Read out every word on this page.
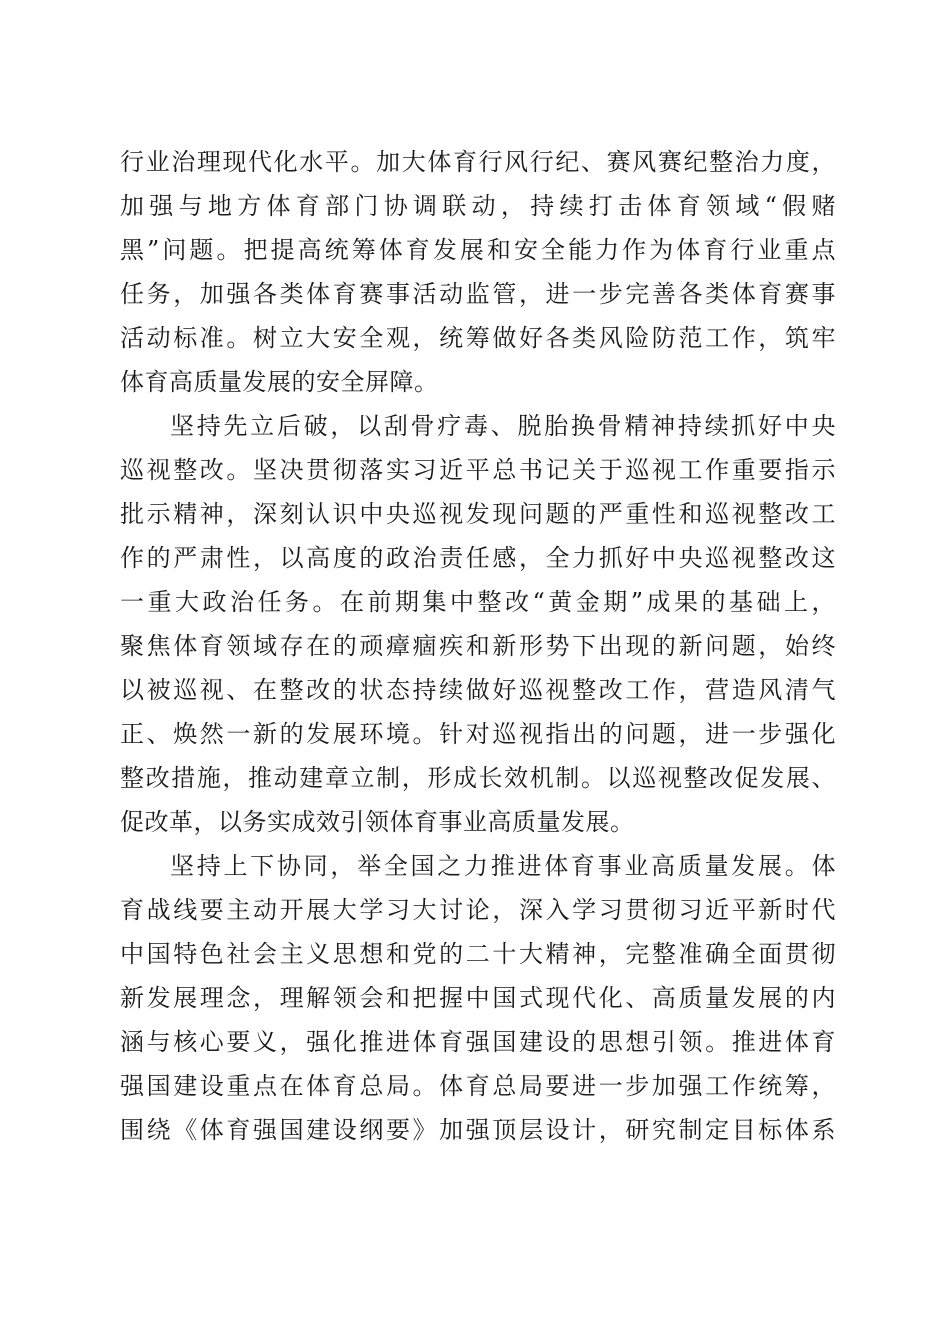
行业治理现代化水平。加大体育行风行纪、赛风赛纪整治力度，
加强与地方体育部门协调联动，持续打击体育领域“假赌
黑”问题。把提高统筹体育发展和安全能力作为体育行业重点
任务，加强各类体育赛事活动监管，进一步完善各类体育赛事
活动标准。树立大安全观，统筹做好各类风险防范工作，筑牢
体育高质量发展的安全屏障。
坚持先立后破，以刮骨疗毒、脱胎换骨精神持续抓好中央
巡视整改。坚决贯彻落实习近平总书记关于巡视工作重要指示
批示精神，深刻认识中央巡视发现问题的严重性和巡视整改工
作的严肃性，以高度的政治责任感，全力抓好中央巡视整改这
一重大政治任务。在前期集中整改“黄金期”成果的基础上，
聚焦体育领域存在的顽瘴痼疾和新形势下出现的新问题，始终
以被巡视、在整改的状态持续做好巡视整改工作，营造风清气
正、焕然一新的发展环境。针对巡视指出的问题，进一步强化
整改措施，推动建章立制，形成长效机制。以巡视整改促发展、
促改革，以务实成效引领体育事业高质量发展。
坚持上下协同，举全国之力推进体育事业高质量发展。体
育战线要主动开展大学习大讨论，深入学习贯彻习近平新时代
中国特色社会主义思想和党的二十大精神，完整准确全面贯彻
新发展理念，理解领会和把握中国式现代化、高质量发展的内
涵与核心要义，强化推进体育强国建设的思想引领。推进体育
强国建设重点在体育总局。体育总局要进一步加强工作统筹，
围绕《体育强国建设纲要》加强顶层设计，研究制定目标体系
